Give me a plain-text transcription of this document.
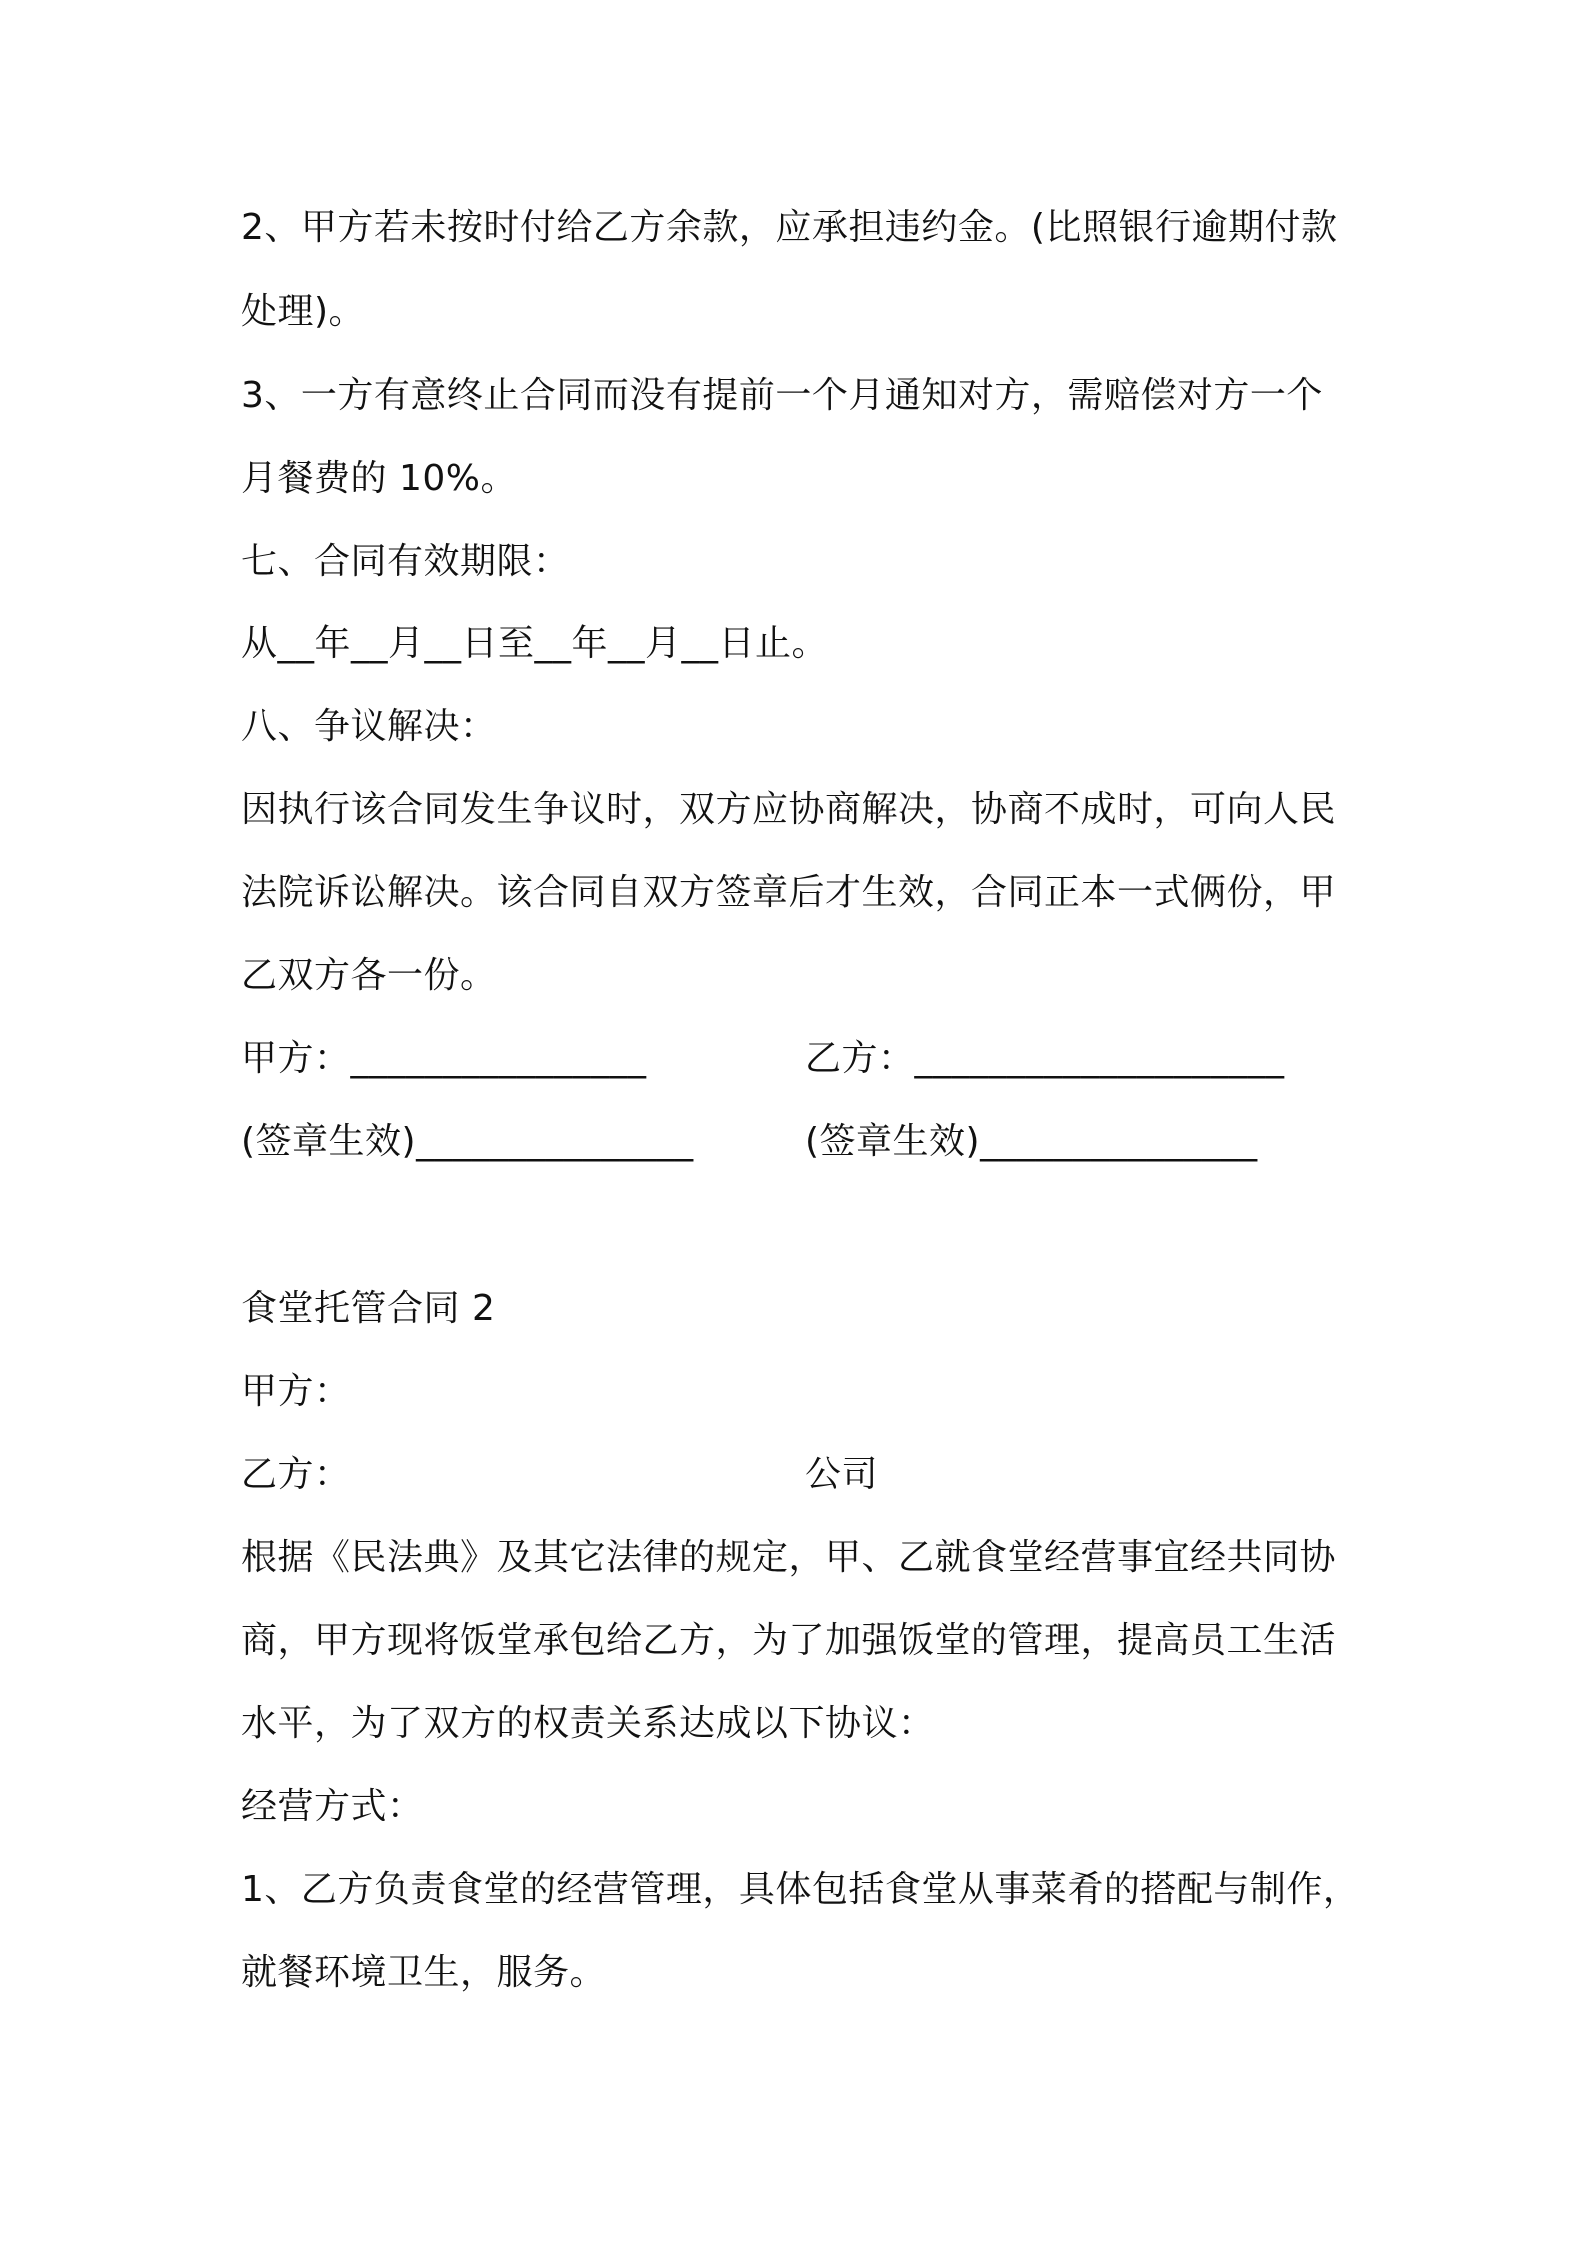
2、甲方若未按时付给乙方余款，应承担违约金。(比照银行逾期付款
处理)。
3、一方有意终止合同而没有提前一个月通知对方，需赔偿对方一个
月餐费的 10%。
七、合同有效期限：
从__年__月__日至__年__月__日止。
八、争议解决：
因执行该合同发生争议时，双方应协商解决，协商不成时，可向人民
法院诉讼解决。该合同自双方签章后才生效，合同正本一式俩份，甲
乙双方各一份。
甲方：________________	乙方：____________________
(签章生效)_______________	(签章生效)_______________
食堂托管合同 2
甲方：
乙方：	公司
根据《民法典》及其它法律的规定，甲、乙就食堂经营事宜经共同协
商，甲方现将饭堂承包给乙方，为了加强饭堂的管理，提高员工生活
水平，为了双方的权责关系达成以下协议：
经营方式：
1、乙方负责食堂的经营管理，具体包括食堂从事菜肴的搭配与制作，
就餐环境卫生，服务。
